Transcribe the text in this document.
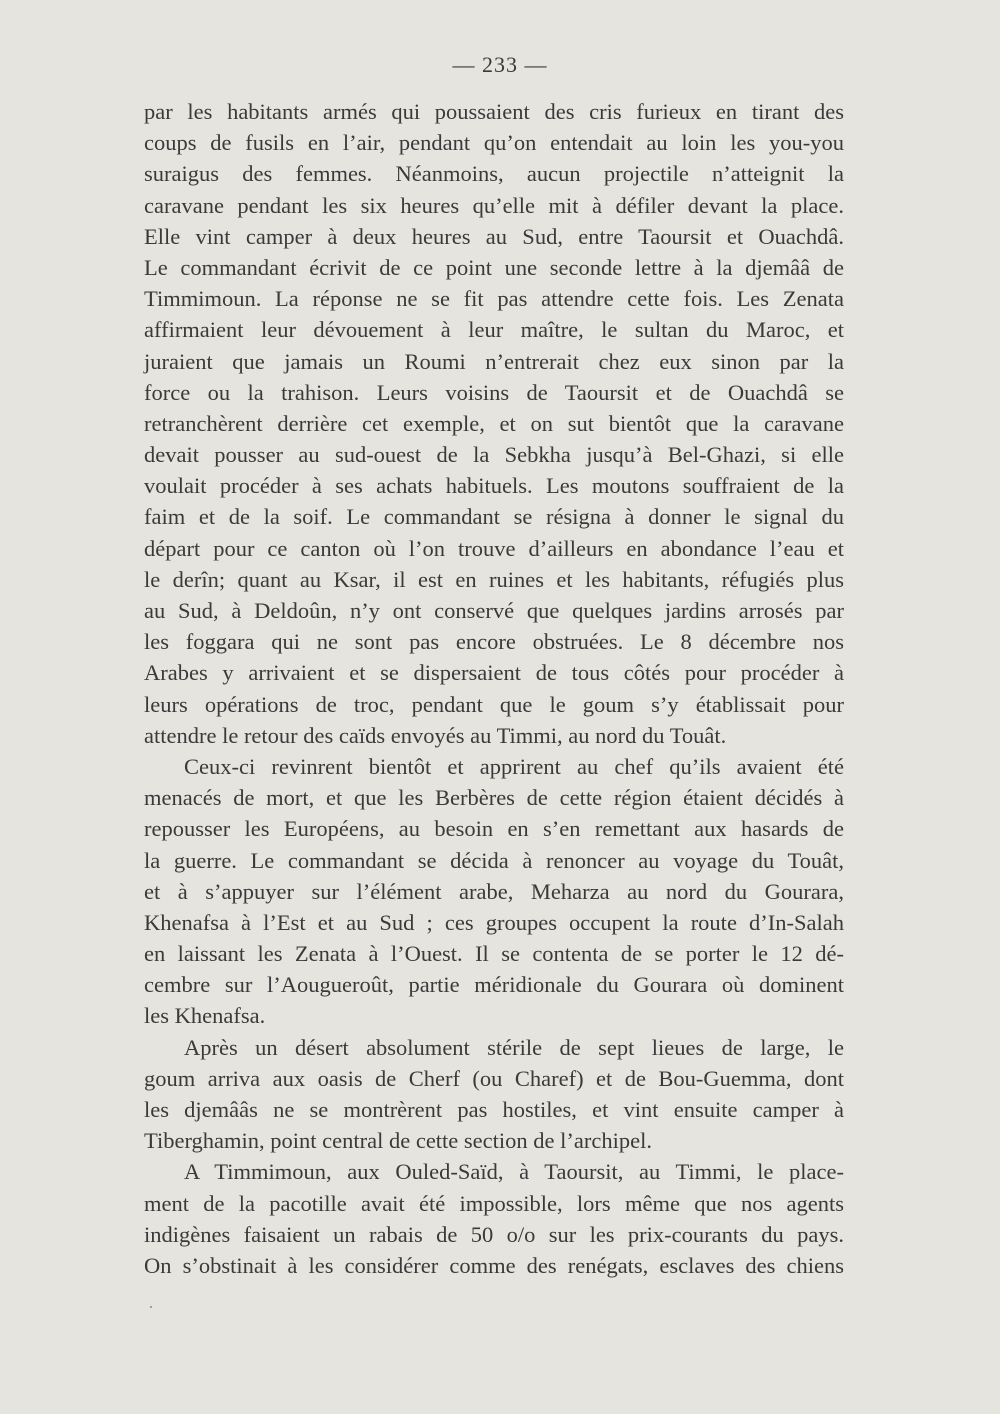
— 233 —
par les habitants armés qui poussaient des cris furieux en tirant des
coups de fusils en l’air, pendant qu’on entendait au loin les you-you
suraigus des femmes. Néanmoins, aucun projectile n’atteignit la
caravane pendant les six heures qu’elle mit à défiler devant la place.
Elle vint camper à deux heures au Sud, entre Taoursit et Ouachdâ.
Le commandant écrivit de ce point une seconde lettre à la djemââ de
Timmimoun. La réponse ne se fit pas attendre cette fois. Les Zenata
affirmaient leur dévouement à leur maître, le sultan du Maroc, et
juraient que jamais un Roumi n’entrerait chez eux sinon par la
force ou la trahison. Leurs voisins de Taoursit et de Ouachdâ se
retranchèrent derrière cet exemple, et on sut bientôt que la caravane
devait pousser au sud-ouest de la Sebkha jusqu’à Bel-Ghazi, si elle
voulait procéder à ses achats habituels. Les moutons souffraient de la
faim et de la soif. Le commandant se résigna à donner le signal du
départ pour ce canton où l’on trouve d’ailleurs en abondance l’eau et
le derîn; quant au Ksar, il est en ruines et les habitants, réfugiés plus
au Sud, à Deldoûn, n’y ont conservé que quelques jardins arrosés par
les foggara qui ne sont pas encore obstruées. Le 8 décembre nos
Arabes y arrivaient et se dispersaient de tous côtés pour procéder à
leurs opérations de troc, pendant que le goum s’y établissait pour
attendre le retour des caïds envoyés au Timmi, au nord du Touât.
Ceux-ci revinrent bientôt et apprirent au chef qu’ils avaient été
menacés de mort, et que les Berbères de cette région étaient décidés à
repousser les Européens, au besoin en s’en remettant aux hasards de
la guerre. Le commandant se décida à renoncer au voyage du Touât,
et à s’appuyer sur l’élément arabe, Meharza au nord du Gourara,
Khenafsa à l’Est et au Sud ; ces groupes occupent la route d’In-Salah
en laissant les Zenata à l’Ouest. Il se contenta de se porter le 12 dé-
cembre sur l’Aougueroût, partie méridionale du Gourara où dominent
les Khenafsa.
Après un désert absolument stérile de sept lieues de large, le
goum arriva aux oasis de Cherf (ou Charef) et de Bou-Guemma, dont
les djemââs ne se montrèrent pas hostiles, et vint ensuite camper à
Tiberghamin, point central de cette section de l’archipel.
A Timmimoun, aux Ouled-Saïd, à Taoursit, au Timmi, le place-
ment de la pacotille avait été impossible, lors même que nos agents
indigènes faisaient un rabais de 50 o/o sur les prix-courants du pays.
On s’obstinait à les considérer comme des renégats, esclaves des chiens
